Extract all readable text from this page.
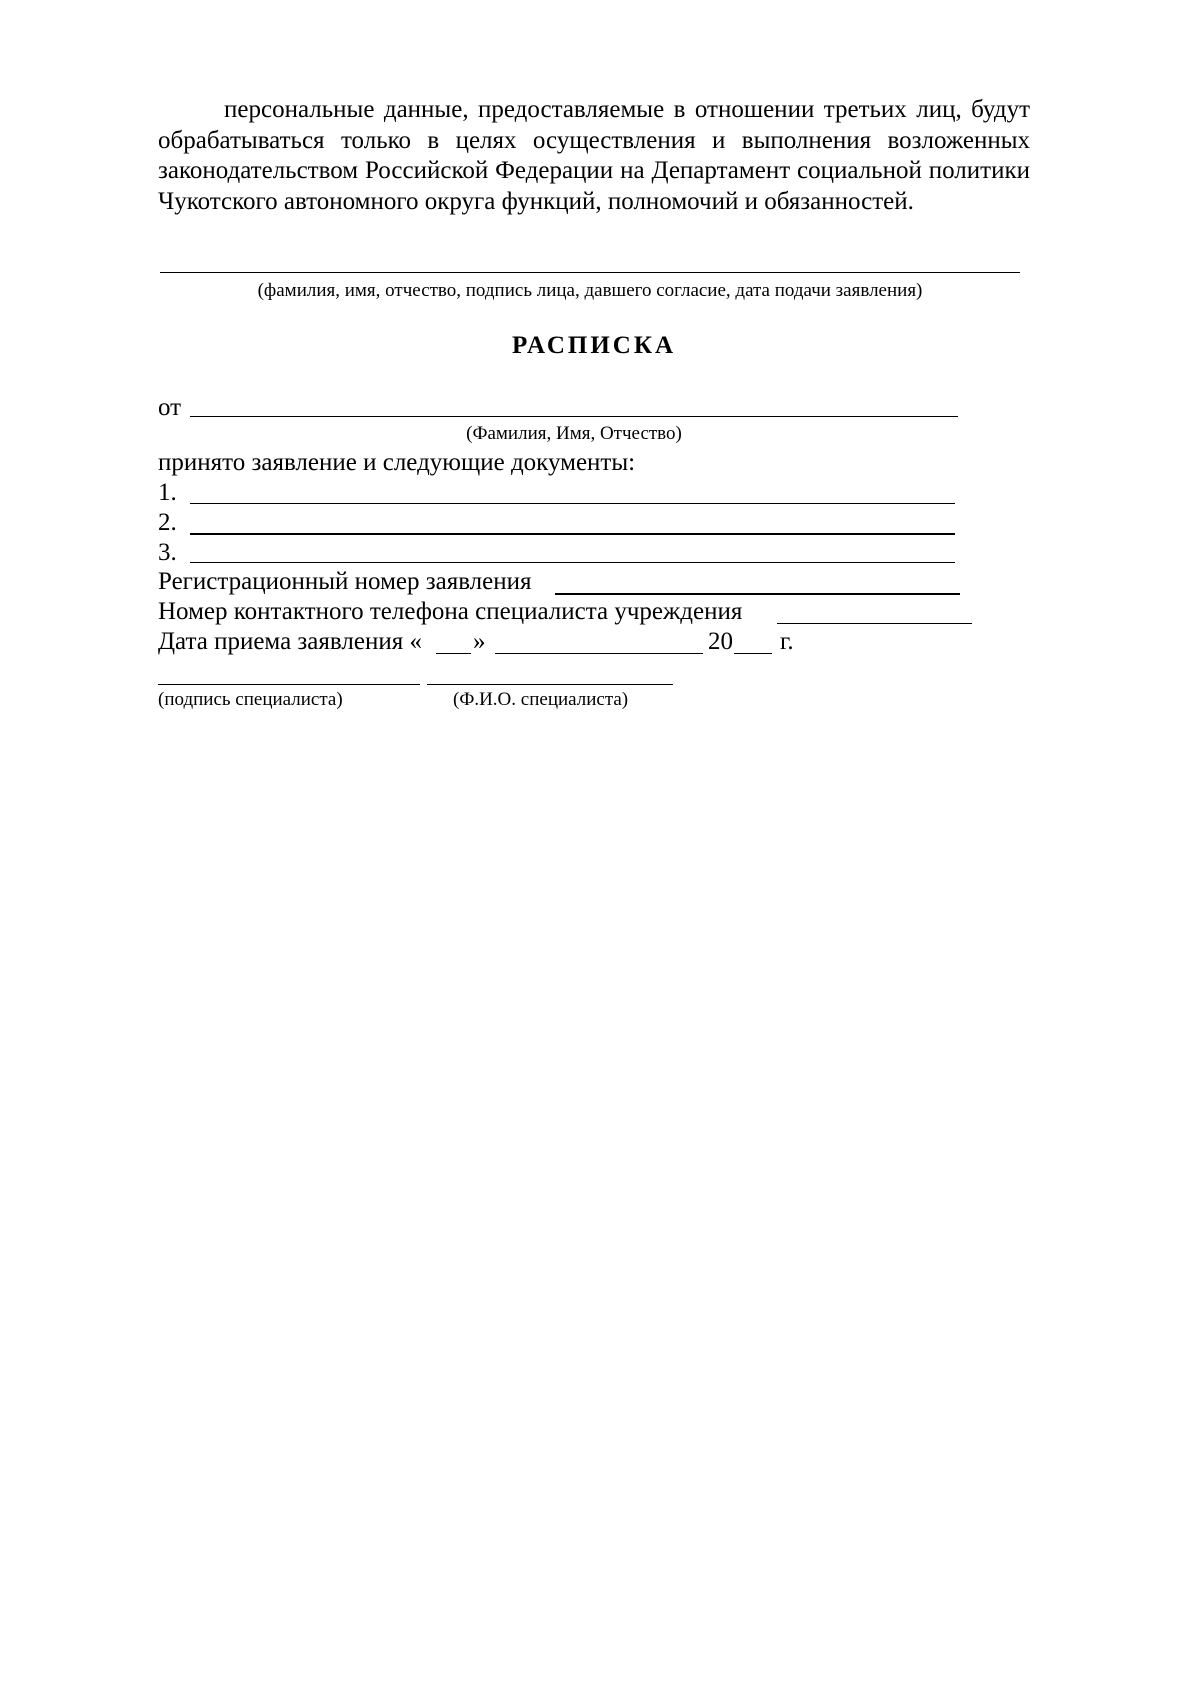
персональные данные, предоставляемые в отношении третьих лиц, будут обрабатываться только в целях осуществления и выполнения возложенных законодательством Российской Федерации на Департамент социальной политики Чукотского автономного округа функций, полномочий и обязанностей.
(фамилия, имя, отчество, подпись лица, давшего согласие, дата подачи заявления)
РАСПИСКА
от
(Фамилия, Имя, Отчество)
принято заявление и следующие документы:
1.
2.
3.
Регистрационный номер заявления
Номер контактного телефона специалиста учреждения
Дата приема заявления « »	20 г.
(подпись специалиста)	(Ф.И.О. специалиста)
